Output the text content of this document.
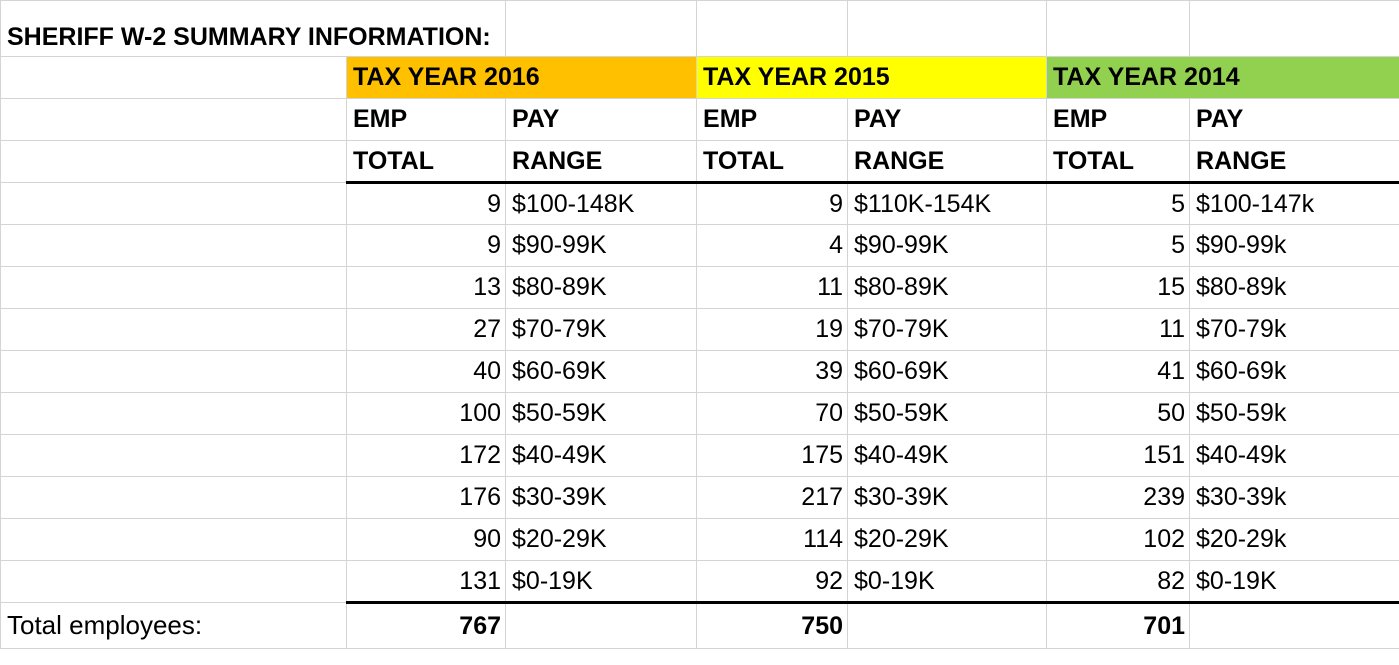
SHERIFF W-2 SUMMARY INFORMATION:						
	TAX YEAR 2016		TAX YEAR 2015		TAX YEAR 2014	
	EMP	PAY	EMP	PAY	EMP	PAY
	TOTAL	RANGE	TOTAL	RANGE	TOTAL	RANGE
	9	$100-148K	9	$110K-154K	5	$100-147k
	9	$90-99K	4	$90-99K	5	$90-99k
	13	$80-89K	11	$80-89K	15	$80-89k
	27	$70-79K	19	$70-79K	11	$70-79k
	40	$60-69K	39	$60-69K	41	$60-69k
	100	$50-59K	70	$50-59K	50	$50-59k
	172	$40-49K	175	$40-49K	151	$40-49k
	176	$30-39K	217	$30-39K	239	$30-39k
	90	$20-29K	114	$20-29K	102	$20-29k
	131	$0-19K	92	$0-19K	82	$0-19K
Total employees:	767		750		701	
